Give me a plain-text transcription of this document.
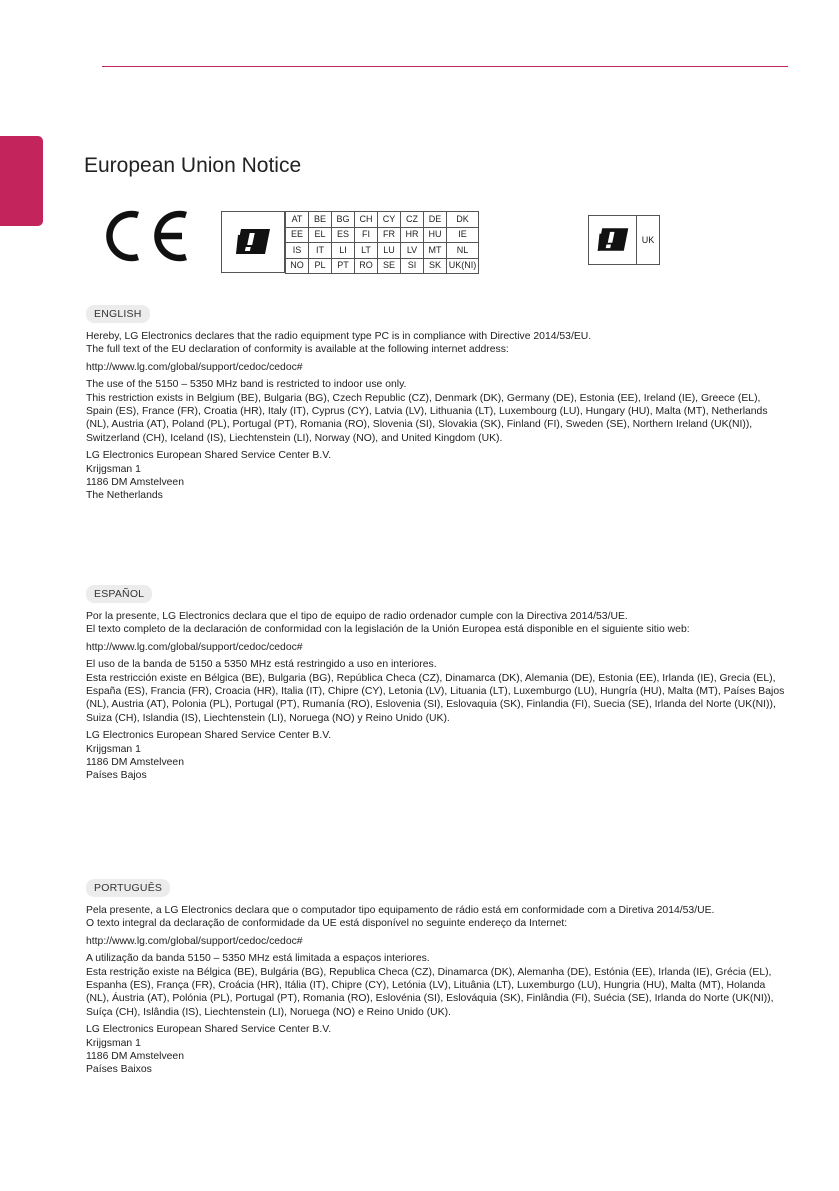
European Union Notice
AT	BE	BG	CH	CY	CZ	DE	DK
EE	EL	ES	FI	FR	HR	HU	IE
IS	IT	LI	LT	LU	LV	MT	NL
NO	PL	PT	RO	SE	SI	SK	UK(NI)
UK
ENGLISH

Hereby, LG Electronics declares that the radio equipment type PC is in compliance with Directive 2014/53/EU.

The full text of the EU declaration of conformity is available at the following internet address:

http://www.lg.com/global/support/cedoc/cedoc#

The use of the 5150 – 5350 MHz band is restricted to indoor use only.

This restriction exists in Belgium (BE), Bulgaria (BG), Czech Republic (CZ), Denmark (DK), Germany (DE), Estonia (EE), Ireland (IE), Greece (EL), Spain (ES), France (FR), Croatia (HR), Italy (IT), Cyprus (CY), Latvia (LV), Lithuania (LT), Luxembourg (LU), Hungary (HU), Malta (MT), Netherlands (NL), Austria (AT), Poland (PL), Portugal (PT), Romania (RO), Slovenia (SI), Slovakia (SK), Finland (FI), Sweden (SE), Northern Ireland (UK(NI)), Switzerland (CH), Iceland (IS), Liechtenstein (LI), Norway (NO), and United Kingdom (UK).

LG Electronics European Shared Service Center B.V.

Krijgsman 1

1186 DM Amstelveen

The Netherlands

ESPAÑOL

Por la presente, LG Electronics declara que el tipo de equipo de radio ordenador cumple con la Directiva 2014/53/UE.

El texto completo de la declaración de conformidad con la legislación de la Unión Europea está disponible en el siguiente sitio web:

http://www.lg.com/global/support/cedoc/cedoc#

El uso de la banda de 5150 a 5350 MHz está restringido a uso en interiores.

Esta restricción existe en Bélgica (BE), Bulgaria (BG), República Checa (CZ), Dinamarca (DK), Alemania (DE), Estonia (EE), Irlanda (IE), Grecia (EL), España (ES), Francia (FR), Croacia (HR), Italia (IT), Chipre (CY), Letonia (LV), Lituania (LT), Luxemburgo (LU), Hungría (HU), Malta (MT), Países Bajos (NL), Austria (AT), Polonia (PL), Portugal (PT), Rumanía (RO), Eslovenia (SI), Eslovaquia (SK), Finlandia (FI), Suecia (SE), Irlanda del Norte (UK(NI)), Suiza (CH), Islandia (IS), Liechtenstein (LI), Noruega (NO) y Reino Unido (UK).

LG Electronics European Shared Service Center B.V.

Krijgsman 1

1186 DM Amstelveen

Países Bajos

PORTUGUÊS

Pela presente, a LG Electronics declara que o computador tipo equipamento de rádio está em conformidade com a Diretiva 2014/53/UE.

O texto integral da declaração de conformidade da UE está disponível no seguinte endereço da Internet:

http://www.lg.com/global/support/cedoc/cedoc#

A utilização da banda 5150 – 5350 MHz está limitada a espaços interiores.

Esta restrição existe na Bélgica (BE), Bulgária (BG), Republica Checa (CZ), Dinamarca (DK), Alemanha (DE), Estónia (EE), Irlanda (IE), Grécia (EL), Espanha (ES), França (FR), Croácia (HR), Itália (IT), Chipre (CY), Letónia (LV), Lituânia (LT), Luxemburgo (LU), Hungria (HU), Malta (MT), Holanda (NL), Áustria (AT), Polónia (PL), Portugal (PT), Romania (RO), Eslovénia (SI), Eslováquia (SK), Finlândia (FI), Suécia (SE), Irlanda do Norte (UK(NI)), Suíça (CH), Islândia (IS), Liechtenstein (LI), Noruega (NO) e Reino Unido (UK).

LG Electronics European Shared Service Center B.V.

Krijgsman 1

1186 DM Amstelveen

Países Baixos
